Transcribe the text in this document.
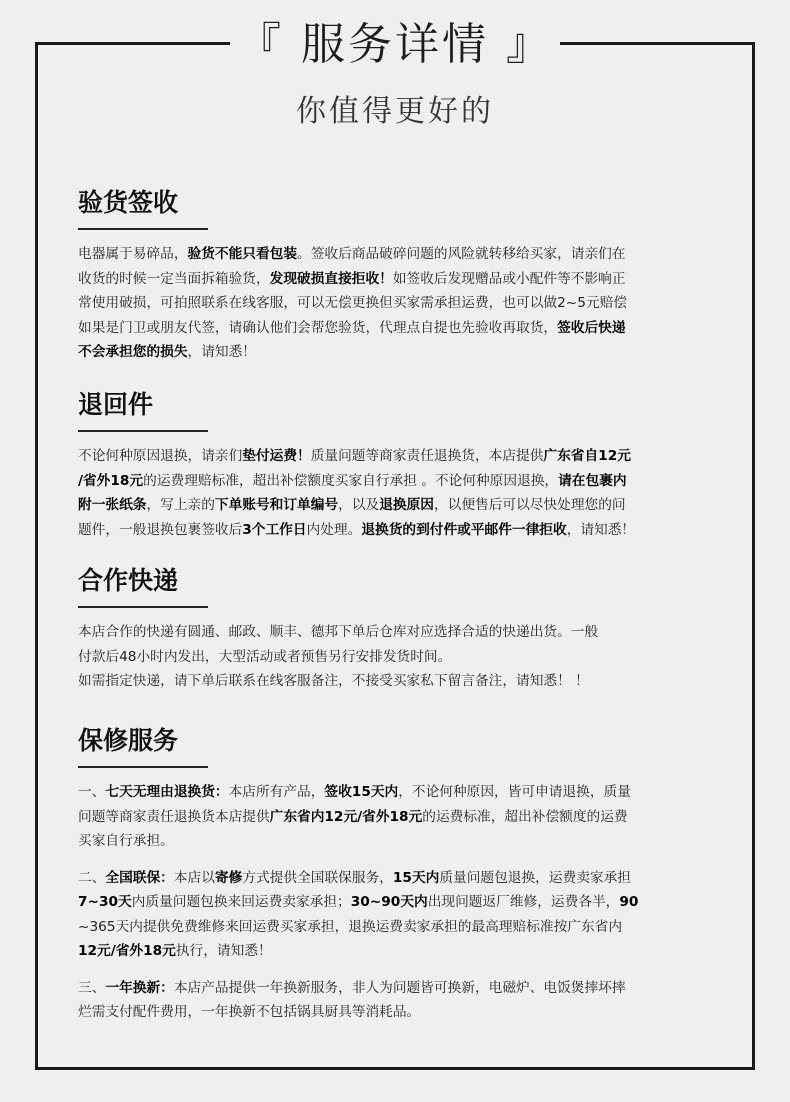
『 服务详情 』
你值得更好的
验货签收
电器属于易碎品，验货不能只看包装。签收后商品破碎问题的风险就转移给买家，请亲们在
收货的时候一定当面拆箱验货，发现破损直接拒收！如签收后发现赠品或小配件等不影响正
常使用破损，可拍照联系在线客服，可以无偿更换但买家需承担运费，也可以做2~5元赔偿
如果是门卫或朋友代签，请确认他们会帮您验货，代理点自提也先验收再取货，签收后快递
不会承担您的损失，请知悉！
退回件
不论何种原因退换，请亲们垫付运费！质量问题等商家责任退换货，本店提供广东省自12元
/省外18元的运费理赔标准，超出补偿额度买家自行承担 。不论何种原因退换，请在包裹内
附一张纸条，写上亲的下单账号和订单编号，以及退换原因，以便售后可以尽快处理您的问
题件，一般退换包裹签收后3个工作日内处理。退换货的到付件或平邮件一律拒收，请知悉！
合作快递
本店合作的快递有圆通、邮政、顺丰、德邦下单后仓库对应选择合适的快递出货。一般
付款后48小时内发出，大型活动或者预售另行安排发货时间。
如需指定快递，请下单后联系在线客服备注，不接受买家私下留言备注，请知悉！ ！
保修服务
一、七天无理由退换货：本店所有产品，签收15天内，不论何种原因，皆可申请退换，质量
问题等商家责任退换货本店提供广东省内12元/省外18元的运费标准，超出补偿额度的运费
买家自行承担。
二、全国联保：本店以寄修方式提供全国联保服务，15天内质量问题包退换，运费卖家承担
7~30天内质量问题包换来回运费卖家承担；30~90天内出现问题返厂维修，运费各半，90
~365天内提供免费维修来回运费买家承担，退换运费卖家承担的最高理赔标准按广东省内
12元/省外18元执行，请知悉！
三、一年换新：本店产品提供一年换新服务，非人为问题皆可换新，电磁炉、电饭煲摔坏摔
烂需支付配件费用，一年换新不包括锅具厨具等消耗品。
